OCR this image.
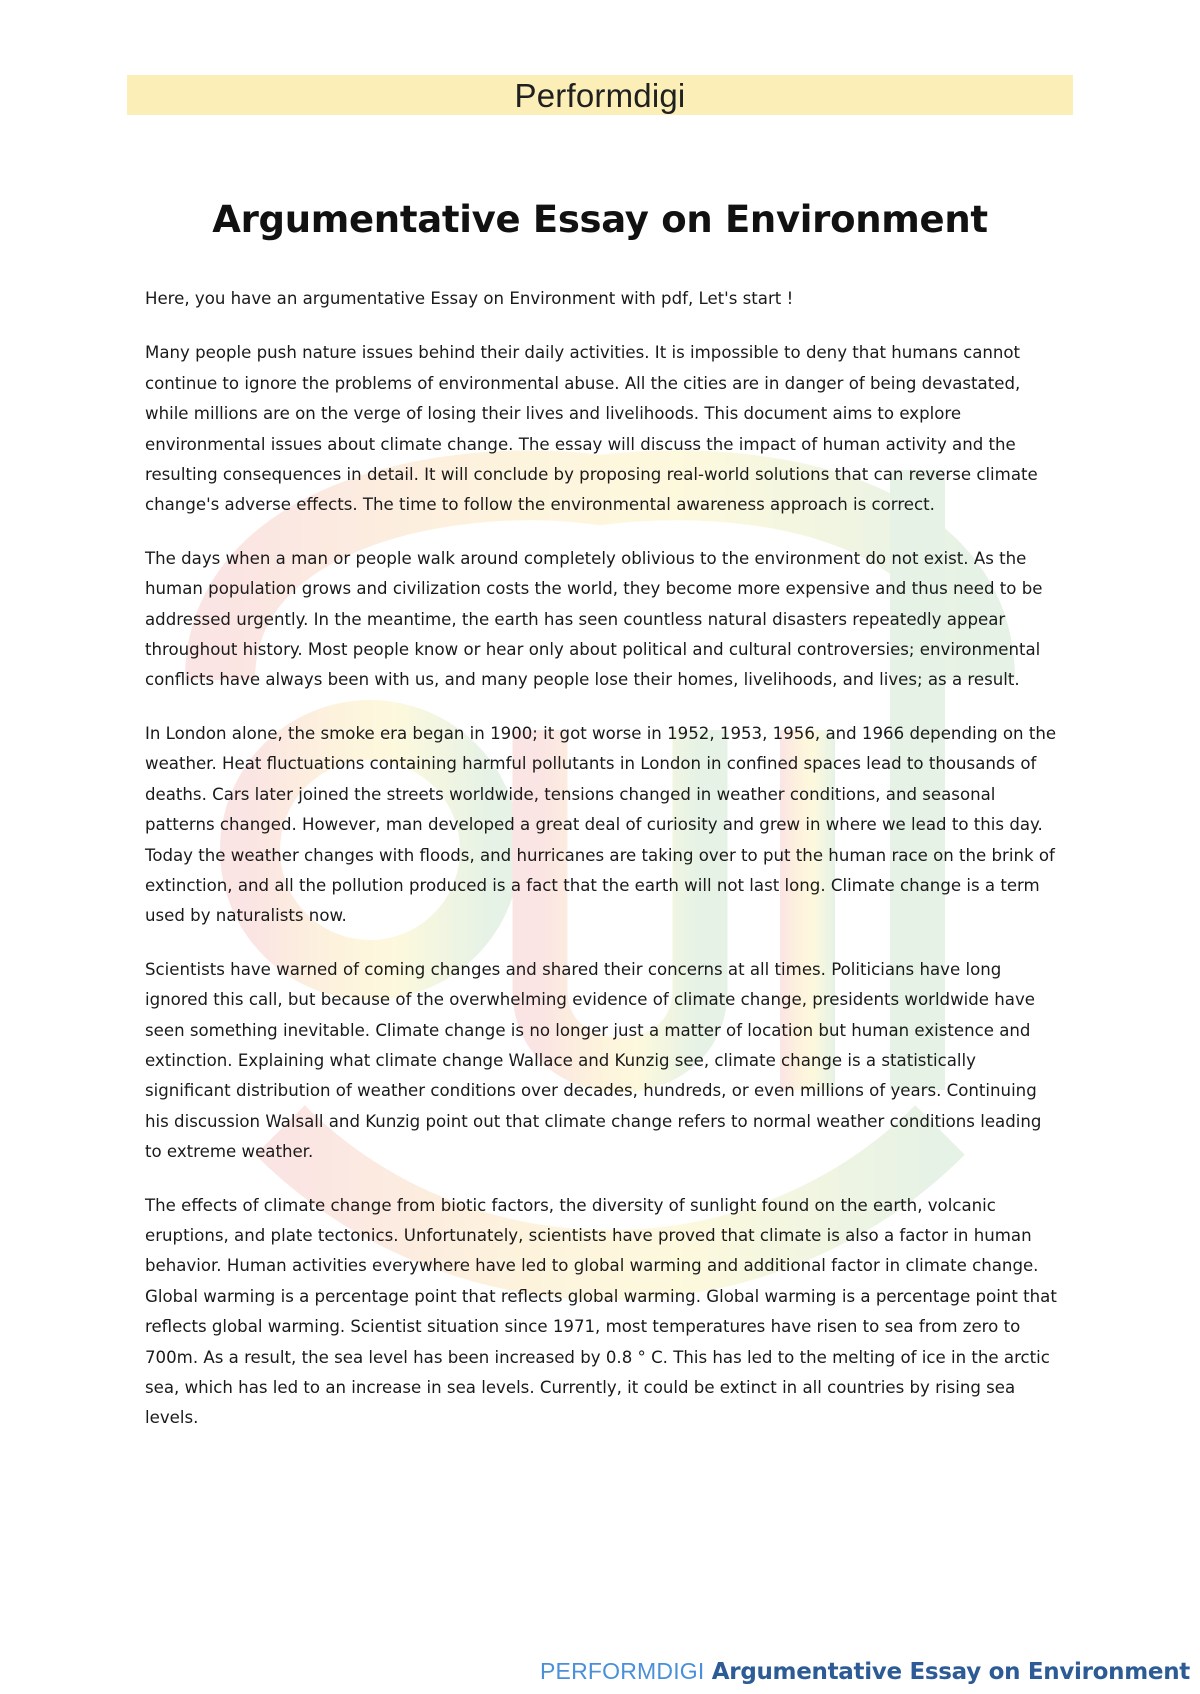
Performdigi
Argumentative Essay on Environment

Here, you have an argumentative Essay on Environment with pdf, Let's start !

Many people push nature issues behind their daily activities. It is impossible to deny that humans cannot continue to ignore the problems of environmental abuse. All the cities are in danger of being devastated, while millions are on the verge of losing their lives and livelihoods. This document aims to explore environmental issues about climate change. The essay will discuss the impact of human activity and the resulting consequences in detail. It will conclude by proposing real-world solutions that can reverse climate change's adverse effects. The time to follow the environmental awareness approach is correct.

The days when a man or people walk around completely oblivious to the environment do not exist. As the human population grows and civilization costs the world, they become more expensive and thus need to be addressed urgently. In the meantime, the earth has seen countless natural disasters repeatedly appear throughout history. Most people know or hear only about political and cultural controversies; environmental conflicts have always been with us, and many people lose their homes, livelihoods, and lives; as a result.

In London alone, the smoke era began in 1900; it got worse in 1952, 1953, 1956, and 1966 depending on the weather. Heat fluctuations containing harmful pollutants in London in confined spaces lead to thousands of deaths. Cars later joined the streets worldwide, tensions changed in weather conditions, and seasonal patterns changed. However, man developed a great deal of curiosity and grew in where we lead to this day. Today the weather changes with floods, and hurricanes are taking over to put the human race on the brink of extinction, and all the pollution produced is a fact that the earth will not last long. Climate change is a term used by naturalists now.

Scientists have warned of coming changes and shared their concerns at all times. Politicians have long ignored this call, but because of the overwhelming evidence of climate change, presidents worldwide have seen something inevitable. Climate change is no longer just a matter of location but human existence and extinction. Explaining what climate change Wallace and Kunzig see, climate change is a statistically significant distribution of weather conditions over decades, hundreds, or even millions of years. Continuing his discussion Walsall and Kunzig point out that climate change refers to normal weather conditions leading to extreme weather.

The effects of climate change from biotic factors, the diversity of sunlight found on the earth, volcanic eruptions, and plate tectonics. Unfortunately, scientists have proved that climate is also a factor in human behavior. Human activities everywhere have led to global warming and additional factor in climate change. Global warming is a percentage point that reflects global warming. Global warming is a percentage point that reflects global warming. Scientist situation since 1971, most temperatures have risen to sea from zero to 700m. As a result, the sea level has been increased by 0.8 ° C. This has led to the melting of ice in the arctic sea, which has led to an increase in sea levels. Currently, it could be extinct in all countries by rising sea levels.

PERFORMDIGI Argumentative Essay on Environment
